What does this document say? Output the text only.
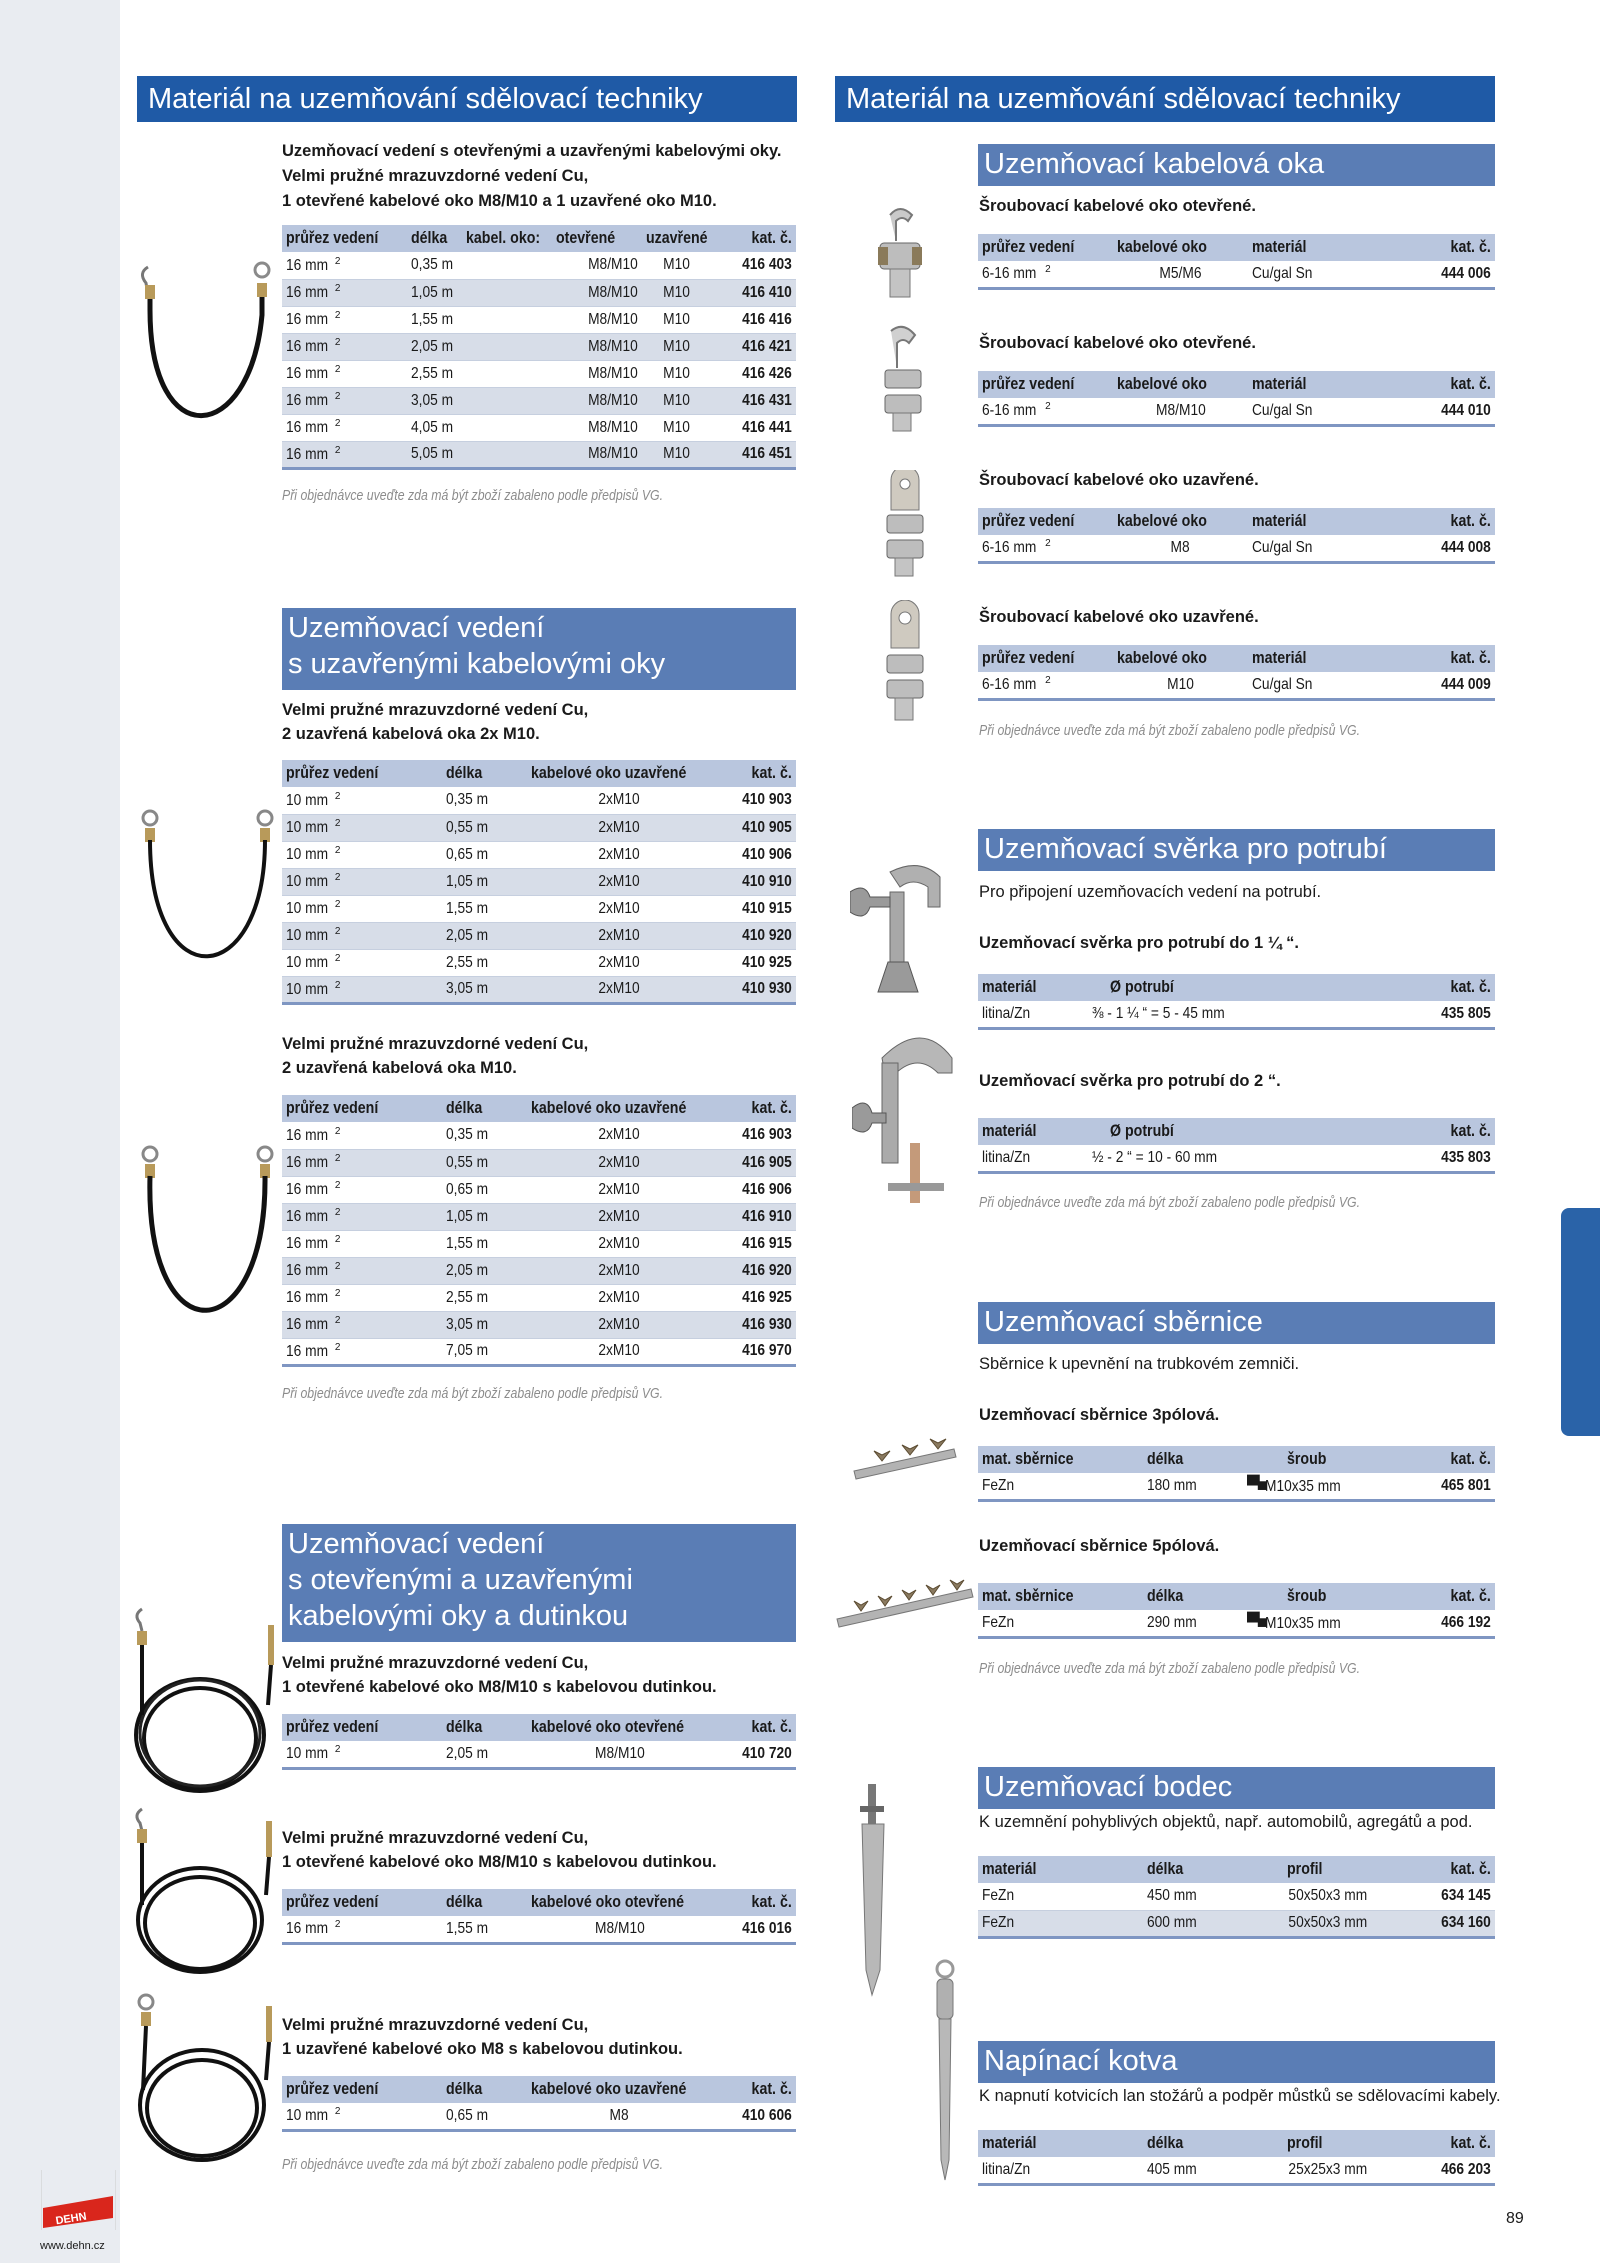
Materiál na uzemňování sdělovací techniky	Materiál na uzemňování sdělovací techniky
Uzemňovací vedení s otevřenými a uzavřenými kabelovými oky.
Velmi pružné mrazuvzdorné vedení Cu,
1 otevřené kabelové oko M8/M10 a 1 uzavřené oko M10.
průřez vedení	délka	kabel. oko:	otevřené	uzavřené	kat. č.
16 mm $^2$	0,35 m		M8/M10	M10	416 403
16 mm $^2$	1,05 m		M8/M10	M10	416 410
16 mm $^2$	1,55 m		M8/M10	M10	416 416
16 mm $^2$	2,05 m		M8/M10	M10	416 421
16 mm $^2$	2,55 m		M8/M10	M10	416 426
16 mm $^2$	3,05 m		M8/M10	M10	416 431
16 mm $^2$	4,05 m		M8/M10	M10	416 441
16 mm $^2$	5,05 m		M8/M10	M10	416 451
Při objednávce uveďte zda má být zboží zabaleno podle předpisů VG.
Uzemňovací vedení
s uzavřenými kabelovými oky
Velmi pružné mrazuvzdorné vedení Cu,
2 uzavřená kabelová oka 2x M10.
průřez vedení	délka	kabelové oko uzavřené	kat. č.
10 mm $^2$	0,35 m	2xM10	410 903
10 mm $^2$	0,55 m	2xM10	410 905
10 mm $^2$	0,65 m	2xM10	410 906
10 mm $^2$	1,05 m	2xM10	410 910
10 mm $^2$	1,55 m	2xM10	410 915
10 mm $^2$	2,05 m	2xM10	410 920
10 mm $^2$	2,55 m	2xM10	410 925
10 mm $^2$	3,05 m	2xM10	410 930
Velmi pružné mrazuvzdorné vedení Cu,
2 uzavřená kabelová oka M10.
průřez vedení	délka	kabelové oko uzavřené	kat. č.
16 mm $^2$	0,35 m	2xM10	416 903
16 mm $^2$	0,55 m	2xM10	416 905
16 mm $^2$	0,65 m	2xM10	416 906
16 mm $^2$	1,05 m	2xM10	416 910
16 mm $^2$	1,55 m	2xM10	416 915
16 mm $^2$	2,05 m	2xM10	416 920
16 mm $^2$	2,55 m	2xM10	416 925
16 mm $^2$	3,05 m	2xM10	416 930
16 mm $^2$	7,05 m	2xM10	416 970
Při objednávce uveďte zda má být zboží zabaleno podle předpisů VG.
Uzemňovací vedení
s otevřenými a uzavřenými
kabelovými oky a dutinkou
Velmi pružné mrazuvzdorné vedení Cu,
1 otevřené kabelové oko M8/M10 s kabelovou dutinkou.
průřez vedení	délka	kabelové oko otevřené	kat. č.
10 mm $^2$	2,05 m	M8/M10	410 720
Velmi pružné mrazuvzdorné vedení Cu,
1 otevřené kabelové oko M8/M10 s kabelovou dutinkou.
průřez vedení	délka	kabelové oko otevřené	kat. č.
16 mm $^2$	1,55 m	M8/M10	416 016
Velmi pružné mrazuvzdorné vedení Cu,
1 uzavřené kabelové oko M8 s kabelovou dutinkou.
průřez vedení	délka	kabelové oko uzavřené	kat. č.
10 mm $^2$	0,65 m	M8	410 606
Při objednávce uveďte zda má být zboží zabaleno podle předpisů VG.
Uzemňovací kabelová oka
Šroubovací kabelové oko otevřené.
průřez vedení	kabelové oko	materiál	kat. č.
6-16 mm $^2$	M5/M6	Cu/gal Sn	444 006
Šroubovací kabelové oko otevřené.
průřez vedení	kabelové oko	materiál	kat. č.
6-16 mm $^2$	M8/M10	Cu/gal Sn	444 010
Šroubovací kabelové oko uzavřené.
průřez vedení	kabelové oko	materiál	kat. č.
6-16 mm $^2$	M8	Cu/gal Sn	444 008
Šroubovací kabelové oko uzavřené.
průřez vedení	kabelové oko	materiál	kat. č.
6-16 mm $^2$	M10	Cu/gal Sn	444 009
Při objednávce uveďte zda má být zboží zabaleno podle předpisů VG.
Uzemňovací svěrka pro potrubí
Pro připojení uzemňovacích vedení na potrubí.
Uzemňovací svěrka pro potrubí do 1 ¼ “.
materiál	Ø potrubí	kat. č.
litina/Zn	⅜ - 1 ¼ “ = 5 - 45 mm	435 805
Uzemňovací svěrka pro potrubí do 2 “.
materiál	Ø potrubí	kat. č.
litina/Zn	½ - 2 “ = 10 - 60 mm	435 803
Při objednávce uveďte zda má být zboží zabaleno podle předpisů VG.
Uzemňovací sběrnice
Sběrnice k upevnění na trubkovém zemniči.
Uzemňovací sběrnice 3pólová.
mat. sběrnice	délka	šroub	kat. č.
FeZn	180 mm	▀■M10x35 mm	465 801
Uzemňovací sběrnice 5pólová.
mat. sběrnice	délka	šroub	kat. č.
FeZn	290 mm	▀■M10x35 mm	466 192
Při objednávce uveďte zda má být zboží zabaleno podle předpisů VG.
Uzemňovací bodec
K uzemnění pohyblivých objektů, např. automobilů, agregátů a pod.
materiál	délka	profil	kat. č.
FeZn	450 mm	50x50x3 mm	634 145
FeZn	600 mm	50x50x3 mm	634 160
Napínací kotva
K napnutí kotvicích lan stožárů a podpěr můstků se sdělovacími kabely.
materiál	délka	profil	kat. č.
litina/Zn	405 mm	25x25x3 mm	466 203
DEHN
www.dehn.cz
89
